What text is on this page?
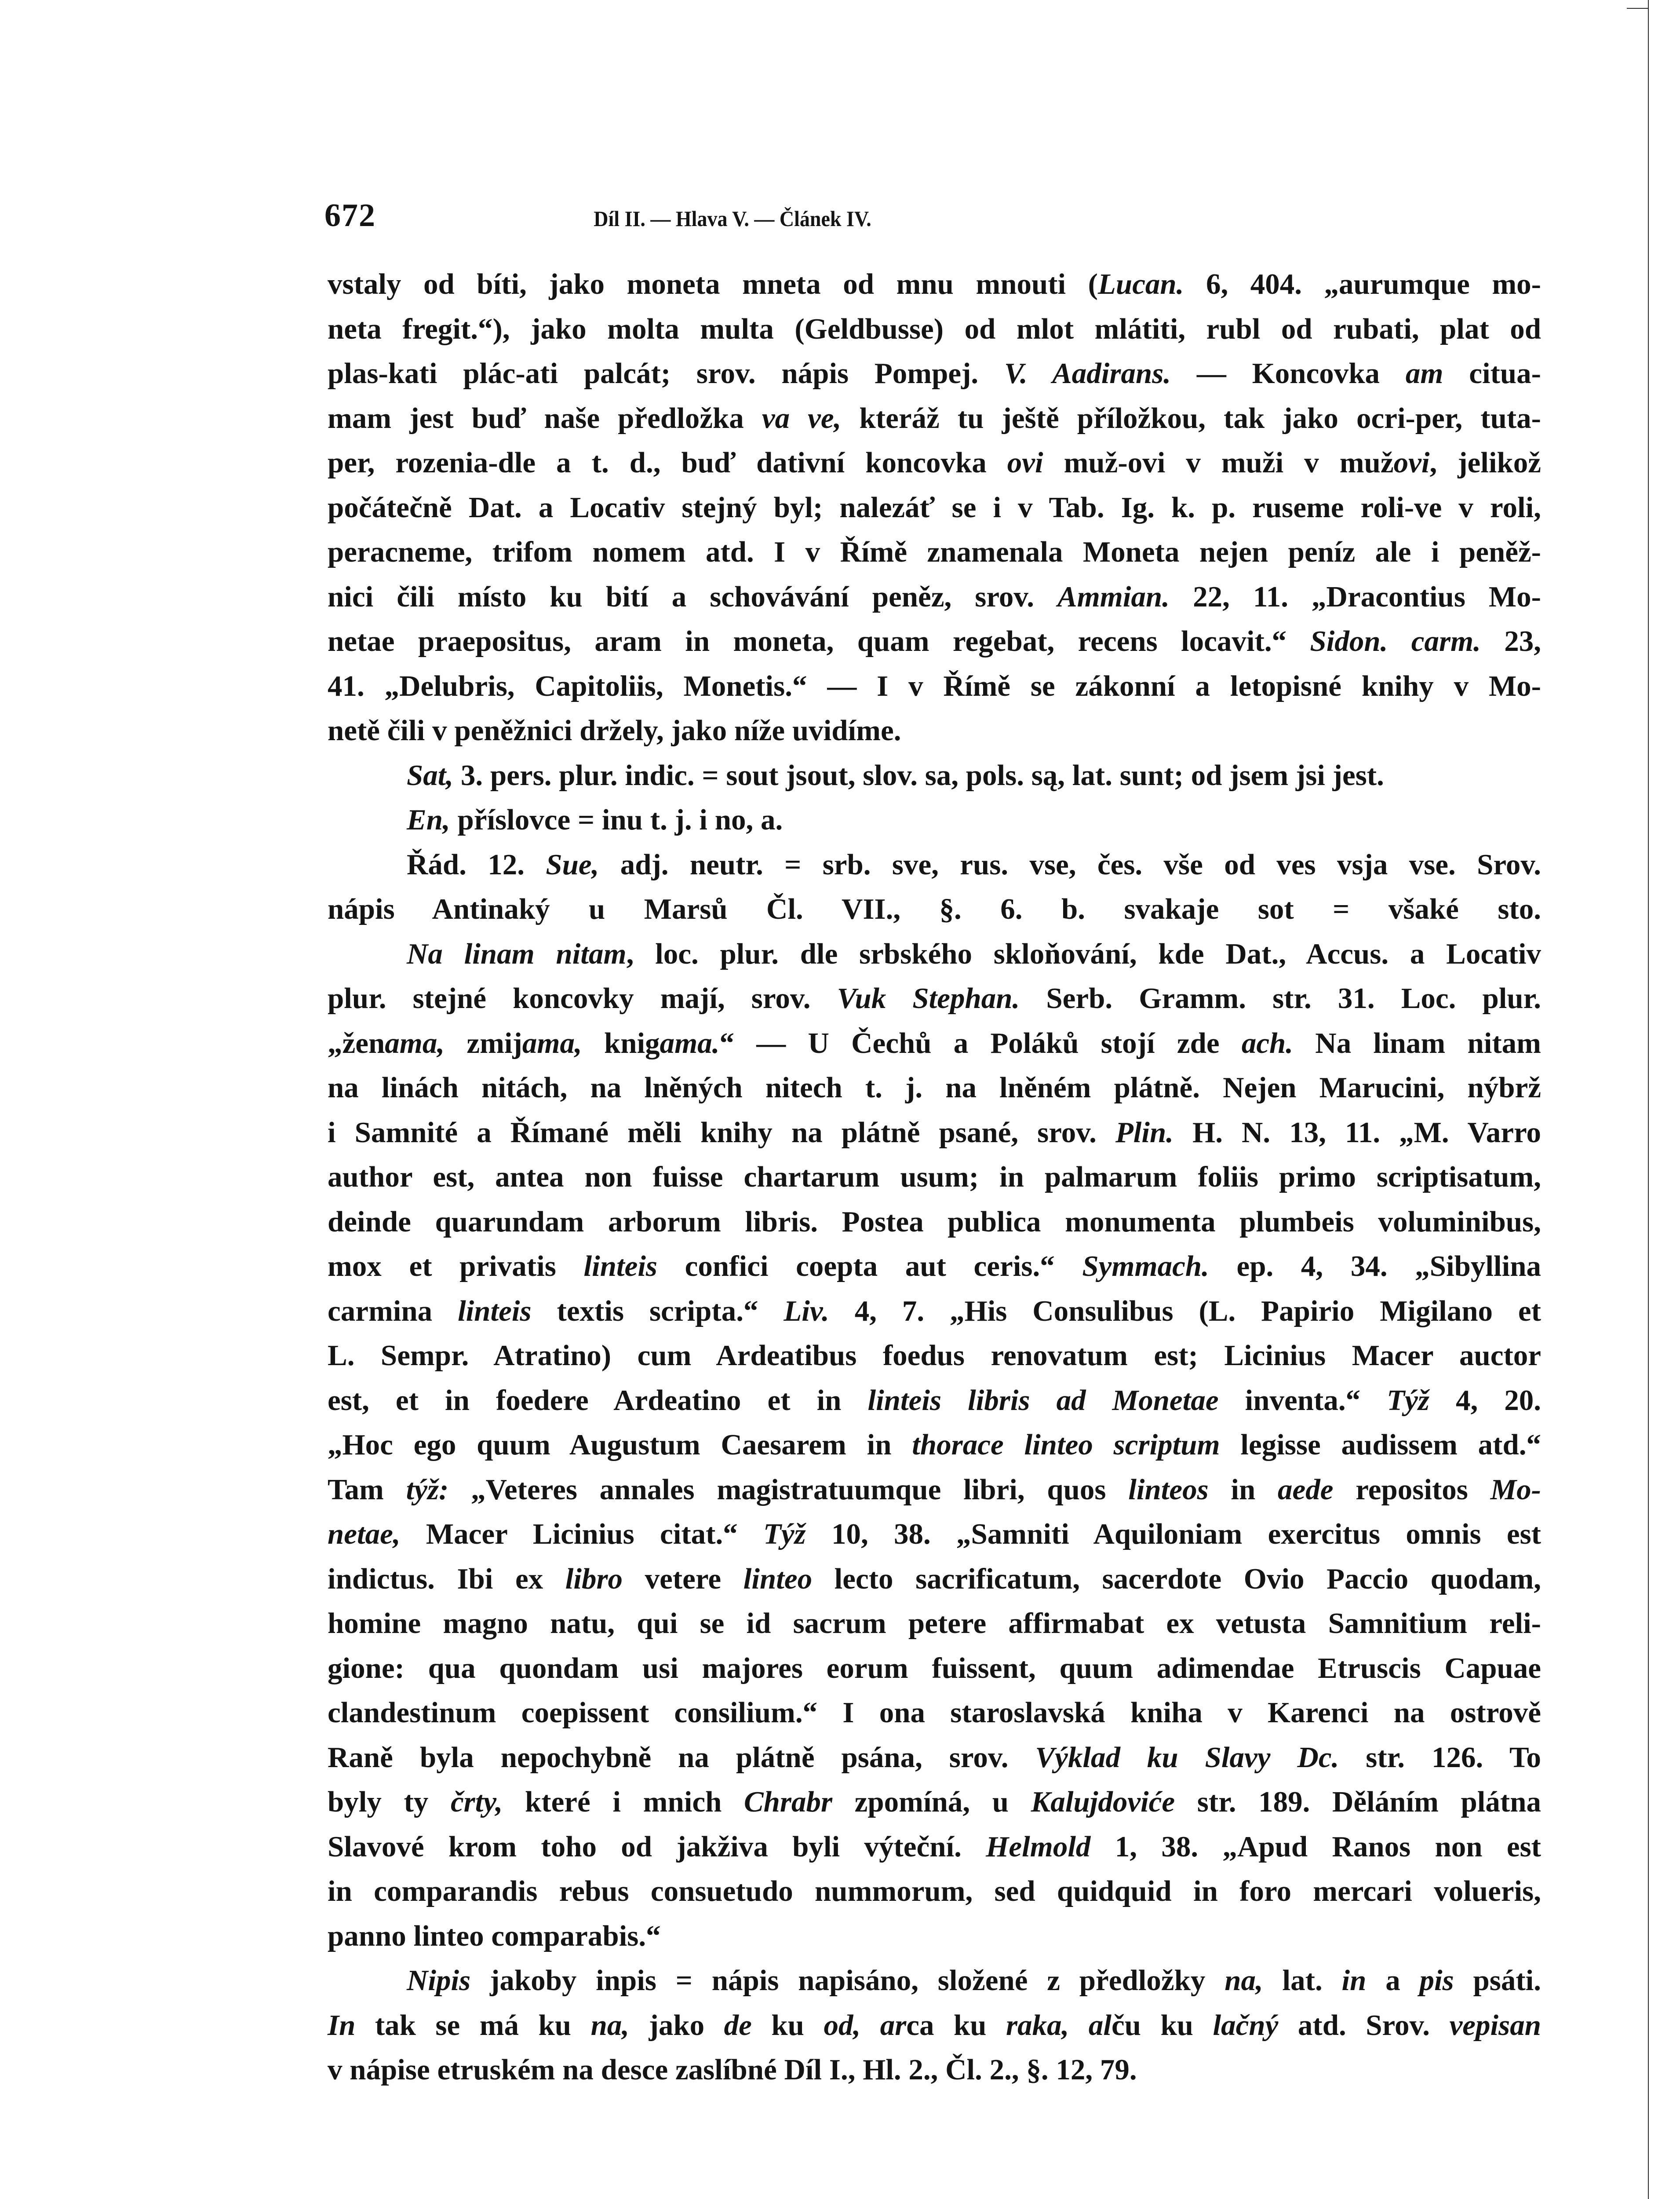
672	Díl II. — Hlava V. — Článek IV.
vstaly od bíti, jako moneta mneta od mnu mnouti (Lucan. 6, 404. „aurumque mo-
neta fregit.“), jako molta multa (Geldbusse) od mlot mlátiti, rubl od rubati, plat od
plas-kati plác-ati palcát; srov. nápis Pompej. V. Aadirans. — Koncovka am citua-
mam jest buď naše předložka va ve, kteráž tu ještě příložkou, tak jako ocri-per, tuta-
per, rozenia-dle a t. d., buď dativní koncovka ovi muž-ovi v muži v mužovi, jelikož
počátečně Dat. a Locativ stejný byl; nalezáť se i v Tab. Ig. k. p. ruseme roli-ve v roli,
peracneme, trifom nomem atd. I v Římě znamenala Moneta nejen peníz ale i peněž-
nici čili místo ku bití a schovávání peněz, srov. Ammian. 22, 11. „Dracontius Mo-
netae praepositus, aram in moneta, quam regebat, recens locavit.“ Sidon. carm. 23,
41. „Delubris, Capitoliis, Monetis.“ — I v Římě se zákonní a letopisné knihy v Mo-
netě čili v peněžnici držely, jako níže uvidíme.
Sat, 3. pers. plur. indic. = sout jsout, slov. sa, pols. są, lat. sunt; od jsem jsi jest.
En, příslovce = inu t. j. i no, a.
Řád. 12. Sue, adj. neutr. = srb. sve, rus. vse, čes. vše od ves vsja vse. Srov.
nápis Antinaký u Marsů Čl. VII., §. 6. b. svakaje sot = všaké sto.
Na linam nitam, loc. plur. dle srbského skloňování, kde Dat., Accus. a Locativ
plur. stejné koncovky mají, srov. Vuk Stephan. Serb. Gramm. str. 31. Loc. plur.
„ženama, zmijama, knigama.“ — U Čechů a Poláků stojí zde ach. Na linam nitam
na linách nitách, na lněných nitech t. j. na lněném plátně. Nejen Marucini, nýbrž
i Samnité a Římané měli knihy na plátně psané, srov. Plin. H. N. 13, 11. „M. Varro
author est, antea non fuisse chartarum usum; in palmarum foliis primo scriptisatum,
deinde quarundam arborum libris. Postea publica monumenta plumbeis voluminibus,
mox et privatis linteis confici coepta aut ceris.“ Symmach. ep. 4, 34. „Sibyllina
carmina linteis textis scripta.“ Liv. 4, 7. „His Consulibus (L. Papirio Migilano et
L. Sempr. Atratino) cum Ardeatibus foedus renovatum est; Licinius Macer auctor
est, et in foedere Ardeatino et in linteis libris ad Monetae inventa.“ Týž 4, 20.
„Hoc ego quum Augustum Caesarem in thorace linteo scriptum legisse audissem atd.“
Tam týž: „Veteres annales magistratuumque libri, quos linteos in aede repositos Mo-
netae, Macer Licinius citat.“ Týž 10, 38. „Samniti Aquiloniam exercitus omnis est
indictus. Ibi ex libro vetere linteo lecto sacrificatum, sacerdote Ovio Paccio quodam,
homine magno natu, qui se id sacrum petere affirmabat ex vetusta Samnitium reli-
gione: qua quondam usi majores eorum fuissent, quum adimendae Etruscis Capuae
clandestinum coepissent consilium.“ I ona staroslavská kniha v Karenci na ostrově
Raně byla nepochybně na plátně psána, srov. Výklad ku Slavy Dc. str. 126. To
byly ty črty, které i mnich Chrabr zpomíná, u Kalujdoviće str. 189. Děláním plátna
Slavové krom toho od jakživa byli výteční. Helmold 1, 38. „Apud Ranos non est
in comparandis rebus consuetudo nummorum, sed quidquid in foro mercari volueris,
panno linteo comparabis.“
Nipis jakoby inpis = nápis napisáno, složené z předložky na, lat. in a pis psáti.
In tak se má ku na, jako de ku od, arca ku raka, alču ku lačný atd. Srov. vepisan
v nápise etruském na desce zaslíbné Díl I., Hl. 2., Čl. 2., §. 12, 79.
